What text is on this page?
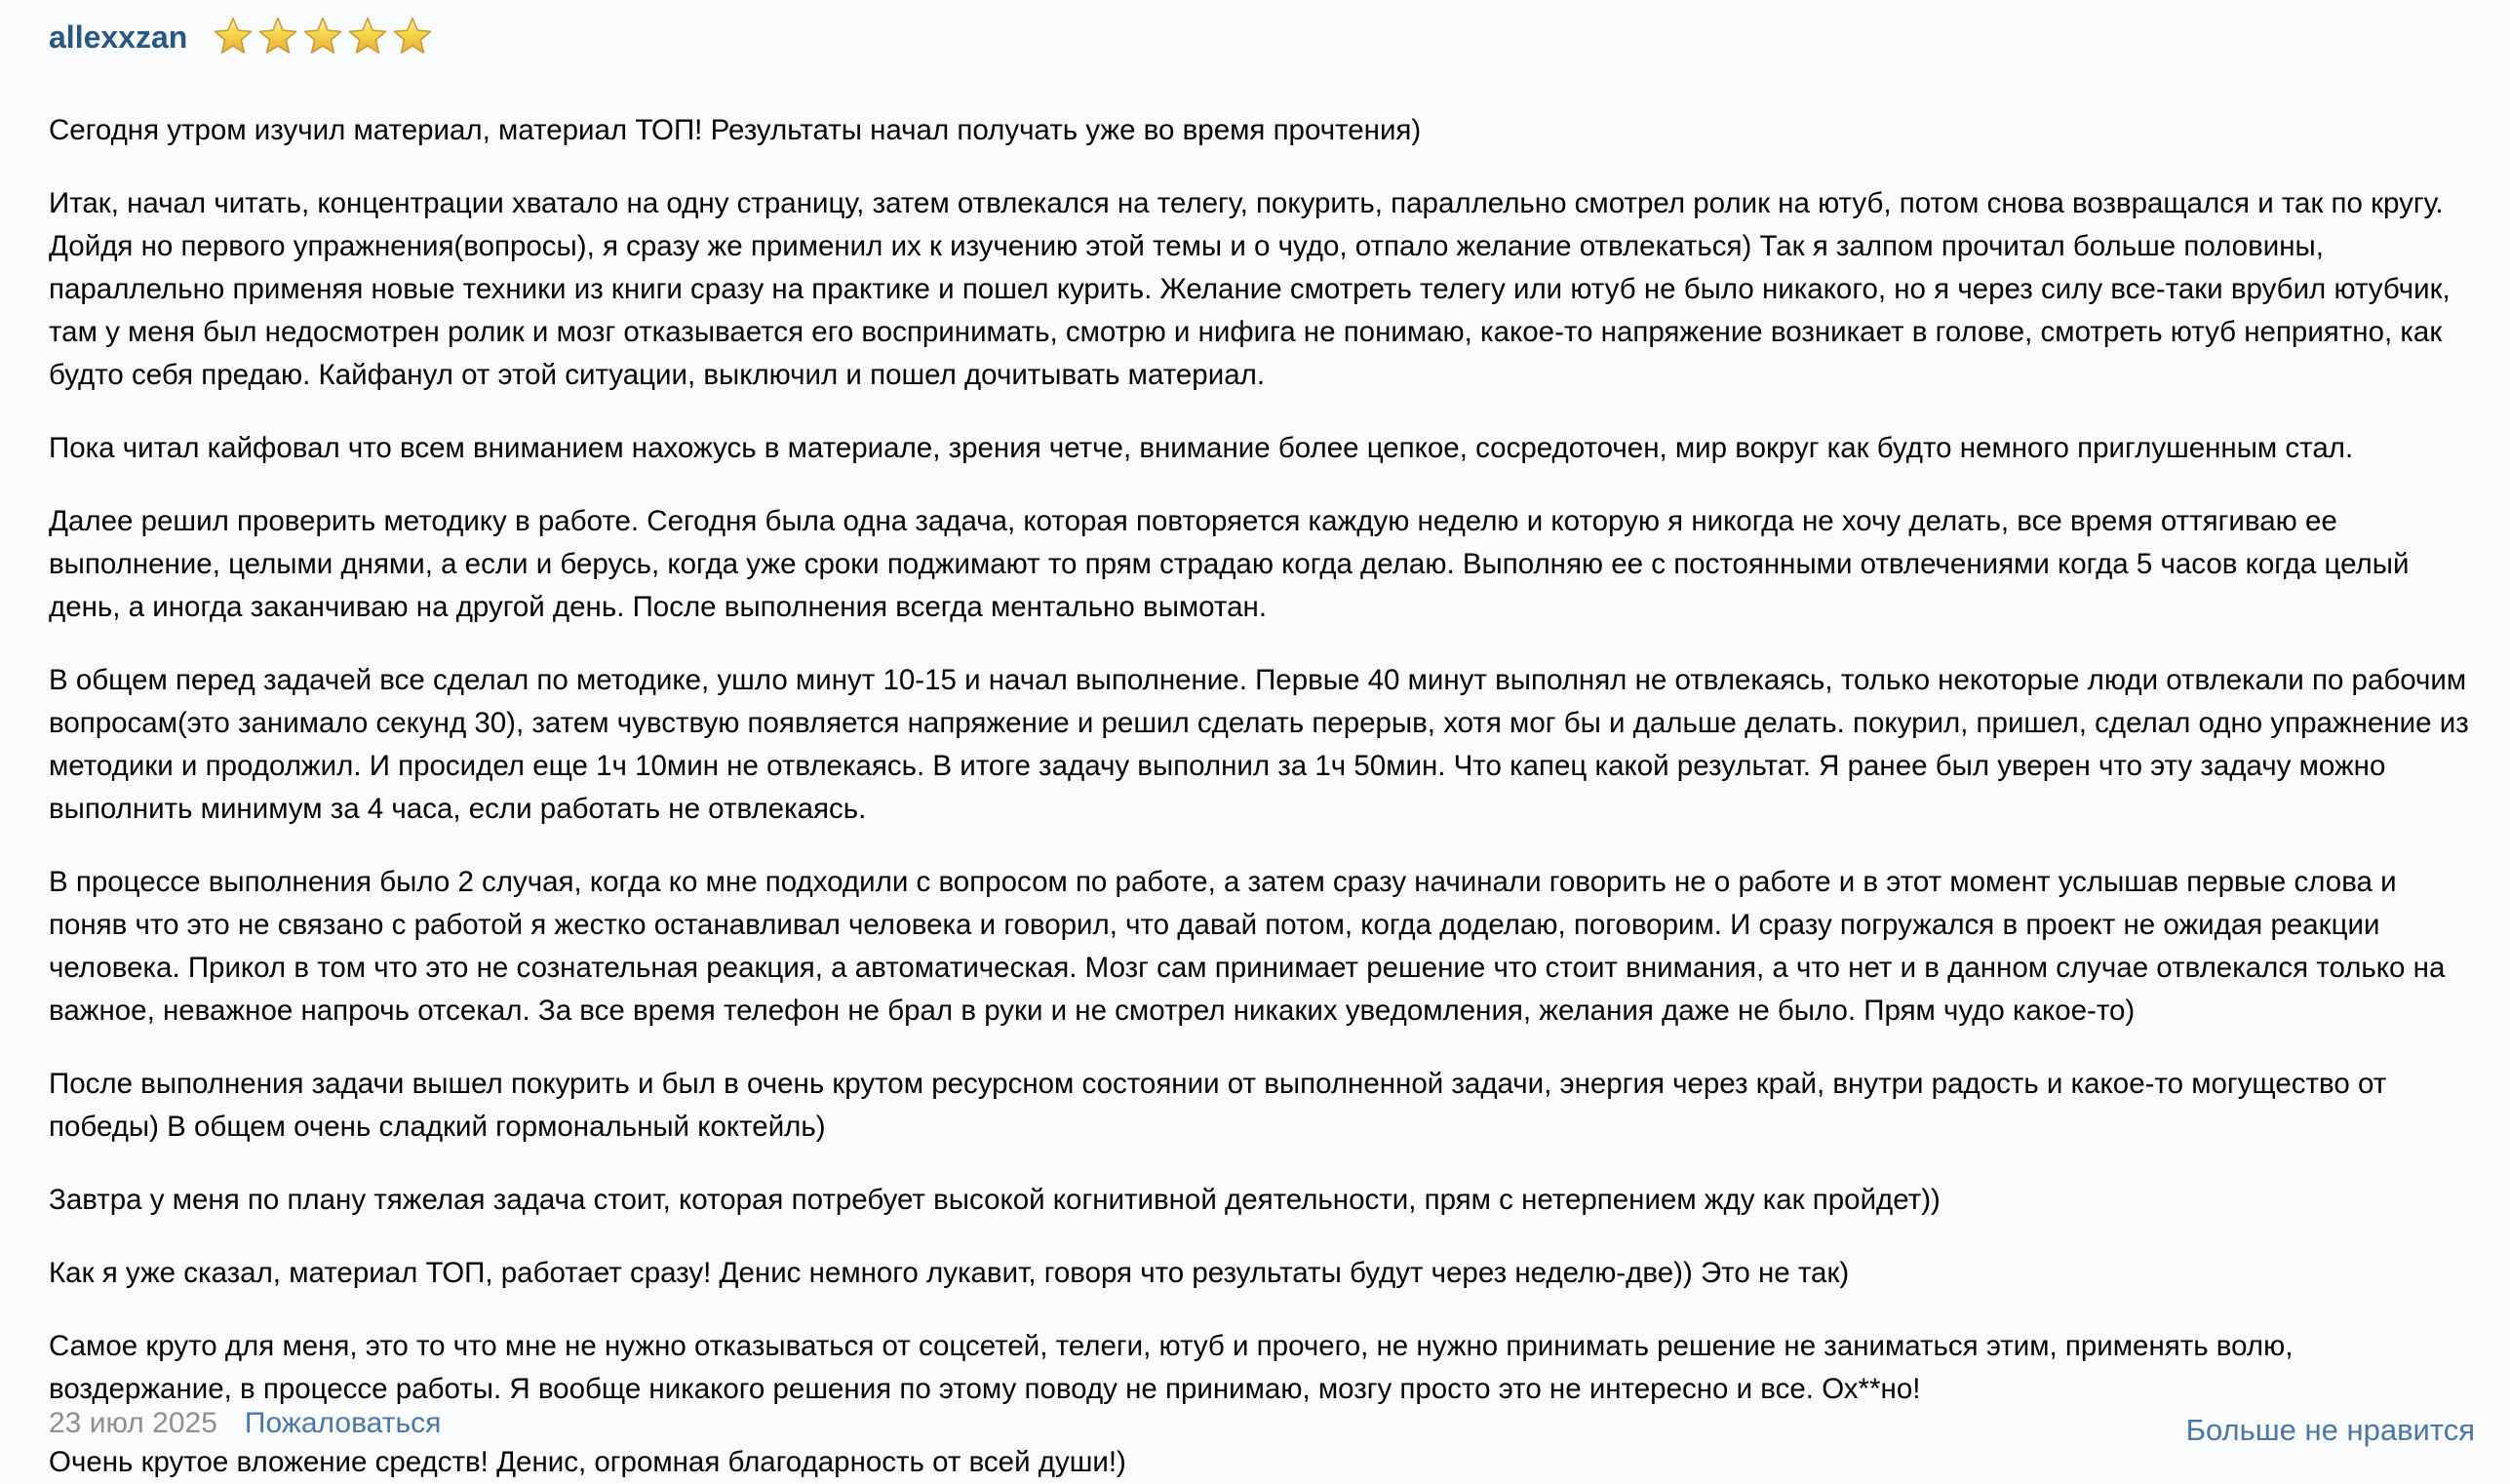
allexxzan

Сегодня утром изучил материал, материал ТОП! Результаты начал получать уже во время прочтения)

Итак, начал читать, концентрации хватало на одну страницу, затем отвлекался на телегу, покурить, параллельно смотрел ролик на ютуб, потом снова возвращался и так по кругу. Дойдя но первого упражнения(вопросы), я сразу же применил их к изучению этой темы и о чудо, отпало желание отвлекаться) Так я залпом прочитал больше половины, параллельно применяя новые техники из книги сразу на практике и пошел курить. Желание смотреть телегу или ютуб не было никакого, но я через силу все-таки врубил ютубчик, там у меня был недосмотрен ролик и мозг отказывается его воспринимать, смотрю и нифига не понимаю, какое-то напряжение возникает в голове, смотреть ютуб неприятно, как будто себя предаю. Кайфанул от этой ситуации, выключил и пошел дочитывать материал.

Пока читал кайфовал что всем вниманием нахожусь в материале, зрения четче, внимание более цепкое, сосредоточен, мир вокруг как будто немного приглушенным стал.

Далее решил проверить методику в работе. Сегодня была одна задача, которая повторяется каждую неделю и которую я никогда не хочу делать, все время оттягиваю ее выполнение, целыми днями, а если и берусь, когда уже сроки поджимают то прям страдаю когда делаю. Выполняю ее с постоянными отвлечениями когда 5 часов когда целый день, а иногда заканчиваю на другой день. После выполнения всегда ментально вымотан.

В общем перед задачей все сделал по методике, ушло минут 10-15 и начал выполнение. Первые 40 минут выполнял не отвлекаясь, только некоторые люди отвлекали по рабочим вопросам(это занимало секунд 30), затем чувствую появляется напряжение и решил сделать перерыв, хотя мог бы и дальше делать. покурил, пришел, сделал одно упражнение из методики и продолжил. И просидел еще 1ч 10мин не отвлекаясь. В итоге задачу выполнил за 1ч 50мин. Что капец какой результат. Я ранее был уверен что эту задачу можно выполнить минимум за 4 часа, если работать не отвлекаясь.

В процессе выполнения было 2 случая, когда ко мне подходили с вопросом по работе, а затем сразу начинали говорить не о работе и в этот момент услышав первые слова и поняв что это не связано с работой я жестко останавливал человека и говорил, что давай потом, когда доделаю, поговорим. И сразу погружался в проект не ожидая реакции человека. Прикол в том что это не сознательная реакция, а автоматическая. Мозг сам принимает решение что стоит внимания, а что нет и в данном случае отвлекался только на важное, неважное напрочь отсекал. За все время телефон не брал в руки и не смотрел никаких уведомления, желания даже не было. Прям чудо какое-то)

После выполнения задачи вышел покурить и был в очень крутом ресурсном состоянии от выполненной задачи, энергия через край, внутри радость и какое-то могущество от победы) В общем очень сладкий гормональный коктейль)

Завтра у меня по плану тяжелая задача стоит, которая потребует высокой когнитивной деятельности, прям с нетерпением жду как пройдет))

Как я уже сказал, материал ТОП, работает сразу! Денис немного лукавит, говоря что результаты будут через неделю-две)) Это не так)

Самое круто для меня, это то что мне не нужно отказываться от соцсетей, телеги, ютуб и прочего, не нужно принимать решение не заниматься этим, применять волю, воздержание, в процессе работы. Я вообще никакого решения по этому поводу не принимаю, мозгу просто это не интересно и все. Ох**но!

Очень крутое вложение средств! Денис, огромная благодарность от всей души!)

23 июл 2025 Пожаловаться	Больше не нравится
